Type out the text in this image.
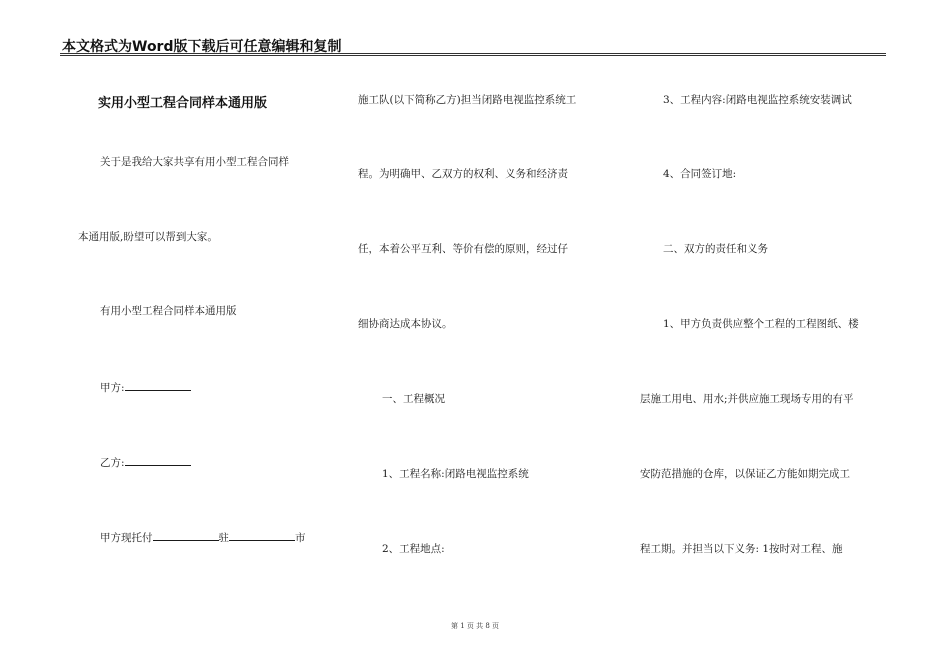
本文格式为Word版下载后可任意编辑和复制
实用小型工程合同样本通用版
关于是我给大家共享有用小型工程合同样
本通用版,盼望可以帮到大家。
有用小型工程合同样本通用版
甲方:
乙方:
甲方现托付	驻	市
施工队(以下简称乙方)担当闭路电视监控系统工
程。为明确甲、乙双方的权利、义务和经济责
任，本着公平互利、等价有偿的原则，经过仔
细协商达成本协议。
一、工程概况
1、工程名称:闭路电视监控系统
2、工程地点:
3、工程内容:闭路电视监控系统安装调试
4、合同签订地:
二、双方的责任和义务
1、甲方负责供应整个工程的工程图纸、楼
层施工用电、用水;并供应施工现场专用的有平
安防范措施的仓库，以保证乙方能如期完成工
程工期。并担当以下义务: 1按时对工程、施
第 1 页 共 8 页
